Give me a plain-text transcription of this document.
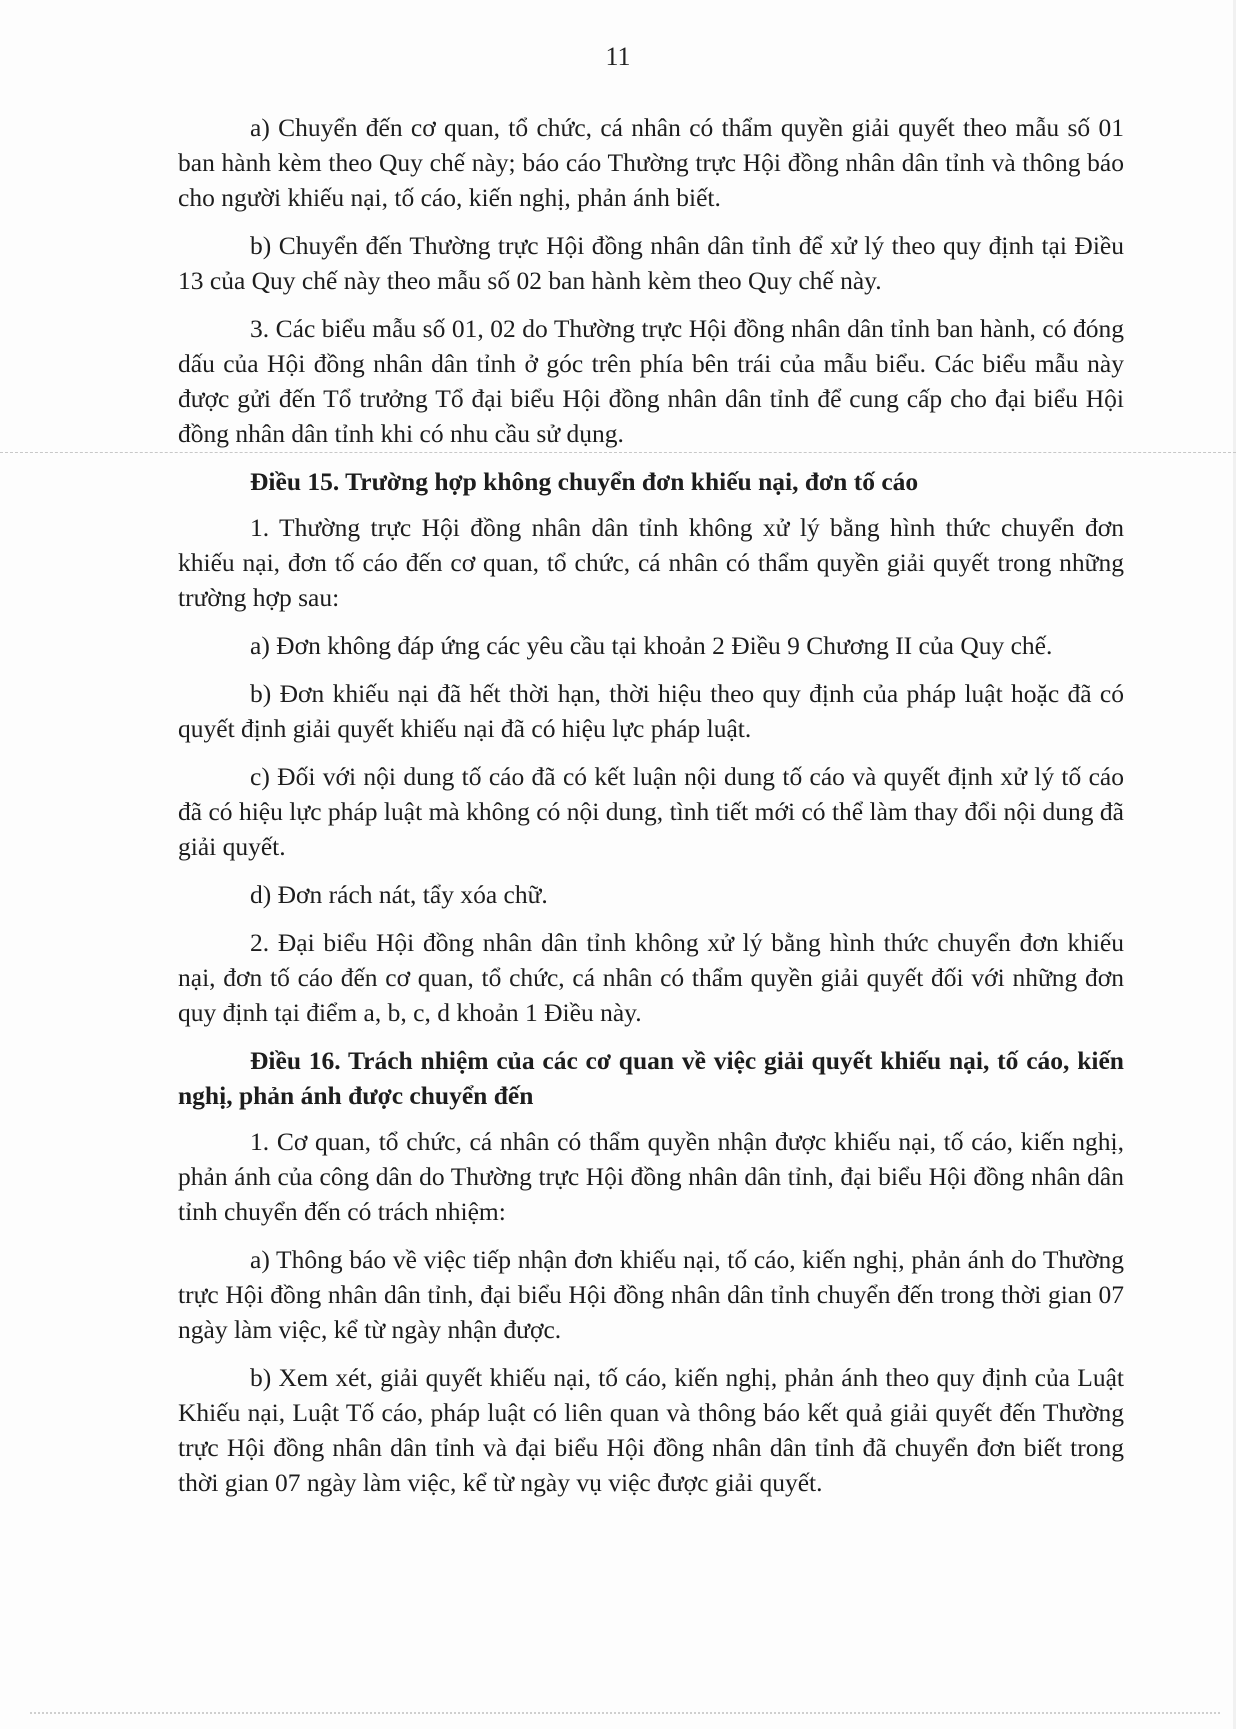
11

a) Chuyển đến cơ quan, tổ chức, cá nhân có thẩm quyền giải quyết theo mẫu số 01 ban hành kèm theo Quy chế này; báo cáo Thường trực Hội đồng nhân dân tỉnh và thông báo cho người khiếu nại, tố cáo, kiến nghị, phản ánh biết.

b) Chuyển đến Thường trực Hội đồng nhân dân tỉnh để xử lý theo quy định tại Điều 13 của Quy chế này theo mẫu số 02 ban hành kèm theo Quy chế này.

3. Các biểu mẫu số 01, 02 do Thường trực Hội đồng nhân dân tỉnh ban hành, có đóng dấu của Hội đồng nhân dân tỉnh ở góc trên phía bên trái của mẫu biểu. Các biểu mẫu này được gửi đến Tổ trưởng Tổ đại biểu Hội đồng nhân dân tỉnh để cung cấp cho đại biểu Hội đồng nhân dân tỉnh khi có nhu cầu sử dụng.

Điều 15. Trường hợp không chuyển đơn khiếu nại, đơn tố cáo

1. Thường trực Hội đồng nhân dân tỉnh không xử lý bằng hình thức chuyển đơn khiếu nại, đơn tố cáo đến cơ quan, tổ chức, cá nhân có thẩm quyền giải quyết trong những trường hợp sau:

a) Đơn không đáp ứng các yêu cầu tại khoản 2 Điều 9 Chương II của Quy chế.

b) Đơn khiếu nại đã hết thời hạn, thời hiệu theo quy định của pháp luật hoặc đã có quyết định giải quyết khiếu nại đã có hiệu lực pháp luật.

c) Đối với nội dung tố cáo đã có kết luận nội dung tố cáo và quyết định xử lý tố cáo đã có hiệu lực pháp luật mà không có nội dung, tình tiết mới có thể làm thay đổi nội dung đã giải quyết.

d) Đơn rách nát, tẩy xóa chữ.

2. Đại biểu Hội đồng nhân dân tỉnh không xử lý bằng hình thức chuyển đơn khiếu nại, đơn tố cáo đến cơ quan, tổ chức, cá nhân có thẩm quyền giải quyết đối với những đơn quy định tại điểm a, b, c, d khoản 1 Điều này.

Điều 16. Trách nhiệm của các cơ quan về việc giải quyết khiếu nại, tố cáo, kiến nghị, phản ánh được chuyển đến

1. Cơ quan, tổ chức, cá nhân có thẩm quyền nhận được khiếu nại, tố cáo, kiến nghị, phản ánh của công dân do Thường trực Hội đồng nhân dân tỉnh, đại biểu Hội đồng nhân dân tỉnh chuyển đến có trách nhiệm:

a) Thông báo về việc tiếp nhận đơn khiếu nại, tố cáo, kiến nghị, phản ánh do Thường trực Hội đồng nhân dân tỉnh, đại biểu Hội đồng nhân dân tỉnh chuyển đến trong thời gian 07 ngày làm việc, kể từ ngày nhận được.

b) Xem xét, giải quyết khiếu nại, tố cáo, kiến nghị, phản ánh theo quy định của Luật Khiếu nại, Luật Tố cáo, pháp luật có liên quan và thông báo kết quả giải quyết đến Thường trực Hội đồng nhân dân tỉnh và đại biểu Hội đồng nhân dân tỉnh đã chuyển đơn biết trong thời gian 07 ngày làm việc, kể từ ngày vụ việc được giải quyết.
